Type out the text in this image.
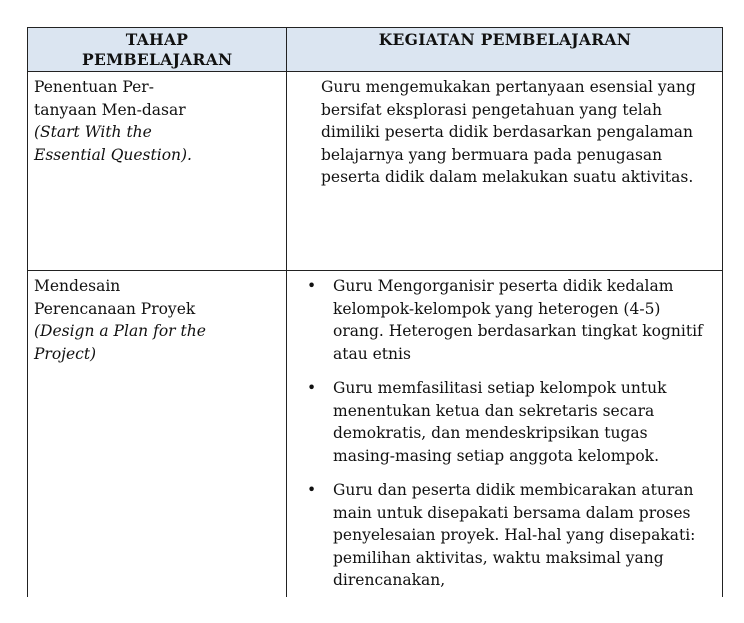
TAHAP PEMBELAJARAN
KEGIATAN PEMBELAJARAN
Penentuan Per-tanyaan Men-dasar
(Start With the Essential Question).
Guru mengemukakan pertanyaan esensial yang bersifat eksplorasi pengetahuan yang telah dimiliki peserta didik berdasarkan pengalaman belajarnya yang bermuara pada penugasan peserta didik dalam melakukan suatu aktivitas.
Mendesain Perencanaan Proyek
(Design a Plan for the Project)
• Guru Mengorganisir peserta didik kedalam kelompok-kelompok yang heterogen (4-5) orang. Heterogen berdasarkan tingkat kognitif atau etnis
• Guru memfasilitasi setiap kelompok untuk menentukan ketua dan sekretaris secara demokratis, dan mendeskripsikan tugas masing-masing setiap anggota kelompok.
• Guru dan peserta didik membicarakan aturan main untuk disepakati bersama dalam proses penyelesaian proyek. Hal-hal yang disepakati: pemilihan aktivitas, waktu maksimal yang direncanakan,
